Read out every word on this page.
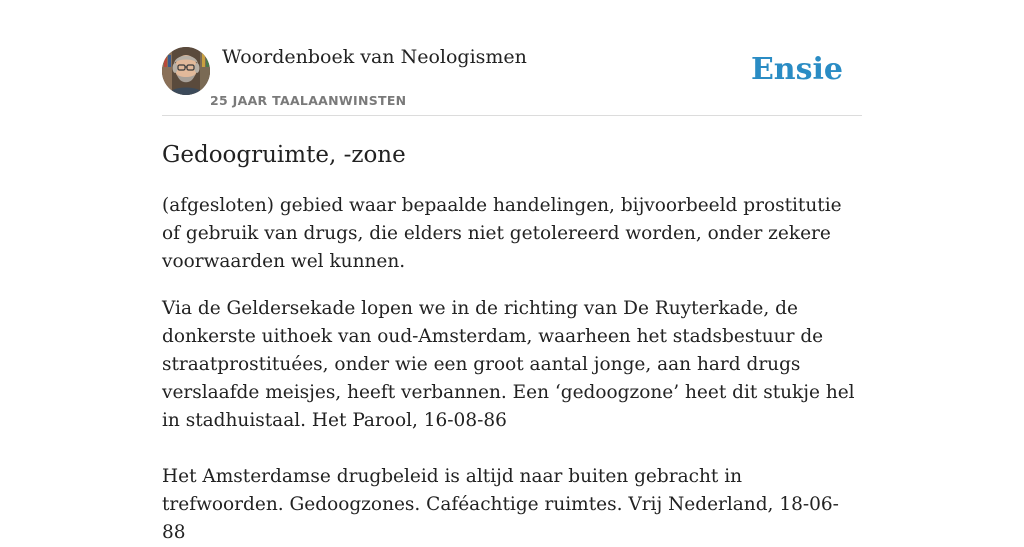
Woordenboek van Neologismen
25 JAAR TAALAANWINSTEN
Ensie
Gedoogruimte, -zone

(afgesloten) gebied waar bepaalde handelingen, bijvoorbeeld prostitutie of gebruik van drugs, die elders niet getolereerd worden, onder zekere voorwaarden wel kunnen.

Via de Geldersekade lopen we in de richting van De Ruyterkade, de donkerste uithoek van oud-Amsterdam, waarheen het stadsbestuur de straatprostituées, onder wie een groot aantal jonge, aan hard drugs verslaafde meisjes, heeft verbannen. Een ‘gedoogzone’ heet dit stukje hel in stadhuistaal. Het Parool, 16-08-86

Het Amsterdamse drugbeleid is altijd naar buiten gebracht in trefwoorden. Gedoogzones. Caféachtige ruimtes. Vrij Nederland, 18-06-88
